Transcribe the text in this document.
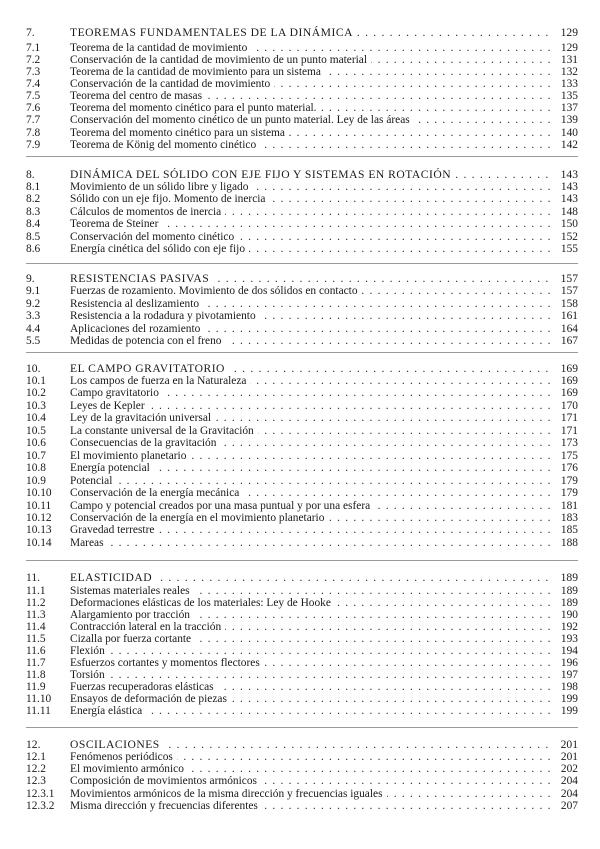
7.	TEOREMAS FUNDAMENTALES DE LA DINÁMICA . . .	129
7.1	Teorema de la cantidad de movimiento . . .	129
7.2	Conservación de la cantidad de movimiento de un punto material . . .	131
7.3	Teorema de la cantidad de movimiento para un sistema . . .	132
7.4	Conservación de la cantidad de movimiento . . .	133
7.5	Teorema del centro de masas . . .	135
7.6	Teorema del momento cinético para el punto material. . . .	137
7.7	Conservación del momento cinético de un punto material. Ley de las áreas . . .	139
7.8	Teorema del momento cinético para un sistema . . .	140
7.9	Teorema de König del momento cinético . . .	142
8.	DINÁMICA DEL SÓLIDO CON EJE FIJO Y SISTEMAS EN ROTACIÓN . . .	143
8.1	Movimiento de un sólido libre y ligado . . .	143
8.2	Sólido con un eje fijo. Momento de inercia . . .	143
8.3	Cálculos de momentos de inercia . . .	148
8.4	Teorema de Steiner . . .	150
8.5	Conservación del momento cinético . . .	152
8.6	Energía cinética del sólido con eje fijo . . .	155
9.	RESISTENCIAS PASIVAS . . .	157
9.1	Fuerzas de rozamiento. Movimiento de dos sólidos en contacto . . .	157
9.2	Resistencia al deslizamiento . . .	158
3.3	Resistencia a la rodadura y pivotamiento . . .	161
4.4	Aplicaciones del rozamiento . . .	164
5.5	Medidas de potencia con el freno . . .	167
10.	EL CAMPO GRAVITATORIO . . .	169
10.1 Los campos de fuerza en la Naturaleza . . .	169
10.2 Campo gravitatorio . . .	169
10.3 Leyes de Kepler . . .	170
10.4 Ley de la gravitación universal . . .	171
10.5 La constante universal de la Gravitación . . .	171
10.6 Consecuencias de la gravitación . . .	173
10.7 El movimiento planetario . . .	175
10.8 Energía potencial . . .	176
10.9 Potencial . . .	179
10.10 Conservación de la energía mecánica . . .	179
10.11 Campo y potencial creados por una masa puntual y por una esfera . . .	181
10.12 Conservación de la energía en el movimiento planetario . . .	183
10.13 Gravedad terrestre . . .	185
10.14 Mareas . . .	188
11.	ELASTICIDAD . . .	189
11.1 Sistemas materiales reales . . .	189
11.2 Deformaciones elásticas de los materiales: Ley de Hooke . . .	189
11.3 Alargamiento por tracción . . .	190
11.4 Contracción lateral en la tracción . . .	192
11.5 Cizalla por fuerza cortante . . .	193
11.6 Flexión . . .	194
11.7 Esfuerzos cortantes y momentos flectores . . .	196
11.8 Torsión . . .	197
11.9 Fuerzas recuperadoras elásticas . . .	198
11.10 Ensayos de deformación de piezas . . .	199
11.11 Energía elástica . . .	199
12.	OSCILACIONES . . .	201
12.1 Fenómenos periódicos . . .	201
12.2 El movimiento armónico . . .	202
12.3 Composición de movimientos armónicos . . .	204
12.3.1 Movimientos armónicos de la misma dirección y frecuencias iguales . . .	204
12.3.2 Misma dirección y frecuencias diferentes . . .	207
